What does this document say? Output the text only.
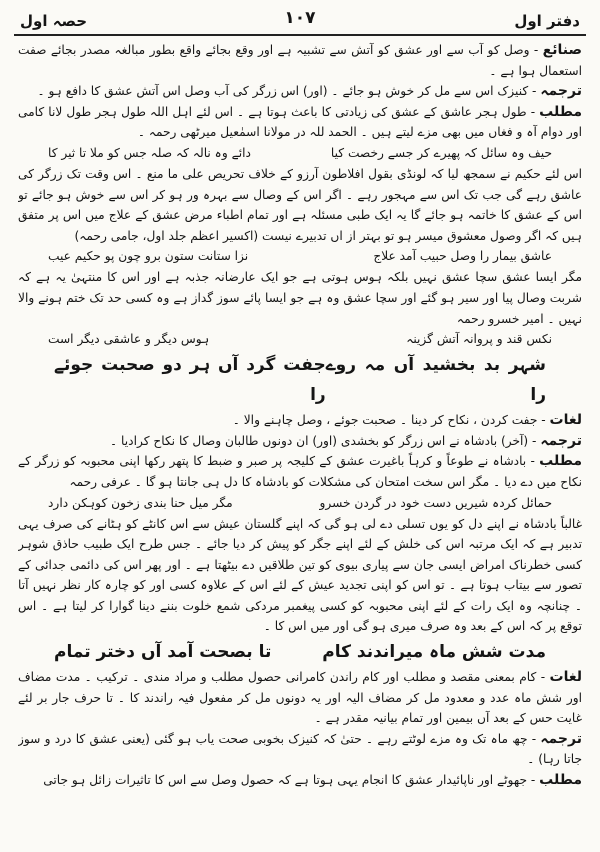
دفتر اول
۱۰۷
حصہ اول

صنائع - وصل کو آب سے اور عشق کو آتش سے تشبیہ ہے اور وقع بجائے واقع بطور مبالغہ مصدر بجائے صفت استعمال ہوا ہے ۔

ترجمہ - کنیزک اس سے مل کر خوش ہو جائے ۔ (اور) اس زرگر کی آب وصل اس آتش عشق کا دافع ہو ۔

مطلب - طول ہجر عاشق کے عشق کی زیادتی کا باعث ہوتا ہے ۔ اس لئے اہل اللہ طول ہجر طول لانا کامی اور دوام آہ و فغاں میں بھی مزے لیتے ہیں ۔ الحمد للہ در مولانا اسمٰعیل میرٹھی رحمہ ۔

حیف وہ سائل کہ پھیرے کر جسے رخصت کیا
دائے وہ نالہ کہ صلہ جس کو ملا تا ثیر کا

اس لئے حکیم نے سمجھ لیا کہ لونڈی بقول افلاطون آرزو کے خلاف تحریص علی ما منع ۔ اس وقت تک زرگر کی عاشق رہے گی جب تک اس سے مہجور رہے ۔ اگر اس کے وصال سے بہرہ ور ہو کر اس سے خوش ہو جائے تو اس کے عشق کا خاتمہ ہو جائے گا یہ ایک طبی مسئلہ ہے اور تمام اطباء مرض عشق کے علاج میں اس پر متفق ہیں کہ اگر وصول معشوق میسر ہو تو بہتر از اں تدبیرے نیست (اکسیر اعظم جلد اول، جامی رحمہ)

عاشق بیمار را وصل حبیب آمد علاج
نزا ستانت ستون برو چون پو حکیم عیب

مگر ایسا عشق سچا عشق نہیں بلکہ ہوس ہوتی ہے جو ایک عارضانہ جذبہ ہے اور اس کا منتہیٰ یہ ہے کہ شربت وصال پیا اور سیر ہو گئے اور سچا عشق وہ ہے جو ایسا پائے سوز گداز ہے وہ کسی حد تک ختم ہونے والا نہیں ۔ امیر خسرو رحمہ

نکس قند و پروانہ آتش گزینہ
ہوس دیگر و عاشقی دیگر است
شہر بد بخشید آں مہ روے را
جفت گرد آں ہر دو صحبت جوئے را

لغات - جفت کردن ، نکاح کر دینا ۔ صحبت جوئے ، وصل چاہنے والا ۔

ترجمہ - (آخر) بادشاہ نے اس زرگر کو بخشدی (اور) ان دونوں طالبان وصال کا نکاح کرادیا ۔

مطلب - بادشاہ نے طوعاً و کرہاً باغیرت عشق کے کلیجہ پر صبر و ضبط کا پتھر رکھا اپنی محبوبہ کو زرگر کے نکاح میں دے دیا ۔ مگر اس سخت امتحان کی مشکلات کو بادشاہ کا دل ہی جانتا ہو گا ۔ عرفی رحمہ

حمائل کردہ شیریں دست خود در گردن خسرو
مگر میل حنا بندی زخون کوہکن دارد

غالباً بادشاہ نے اپنے دل کو یوں تسلی دے لی ہو گی کہ اپنے گلستان عیش سے اس کانٹے کو ہٹانے کی صرف یہی تدبیر ہے کہ ایک مرتبہ اس کی خلش کے لئے اپنے جگر کو پیش کر دیا جائے ۔ جس طرح ایک طبیب حاذق شوہر کسی خطرناک امراض ایسی جان سے پیاری بیوی کو تین طلاقیں دے بیٹھتا ہے ۔ اور پھر اس کی دائمی جدائی کے تصور سے بیتاب ہوتا ہے ۔ تو اس کو اپنی تجدید عیش کے لئے اس کے علاوہ کسی اور کو چارہ کار نظر نہیں آتا ۔ چنانچہ وہ ایک رات کے لئے اپنی محبوبہ کو کسی پیغمبر مردکی شمع خلوت بننے دینا گوارا کر لیتا ہے ۔ اس توقع پر کہ اس کے بعد وہ صرف میری ہو گی اور میں اس کا ۔

مدت شش ماہ میراندند کام
تا بصحت آمد آں دختر تمام

لغات - کام بمعنی مقصد و مطلب اور کام راندن کامرانی حصول مطلب و مراد مندی ۔ ترکیب ۔ مدت مضاف اور شش ماہ عدد و معدود مل کر مضاف الیہ اور یہ دونوں مل کر مفعول فیہ راندند کا ۔ تا حرف جار بر لئے غایت حس کے بعد آں بیمین اور تمام بیانیہ مقدر ہے ۔

ترجمہ - چھ ماہ تک وہ مزے لوٹتے رہے ۔ حتیٰ کہ کنیزک بخوبی صحت یاب ہو گئی (یعنی عشق کا درد و سوز جاتا رہا) ۔

مطلب - جھوٹے اور ناپائیدار عشق کا انجام یہی ہوتا ہے کہ حصول وصل سے اس کا تاثیرات زائل ہو جاتی
